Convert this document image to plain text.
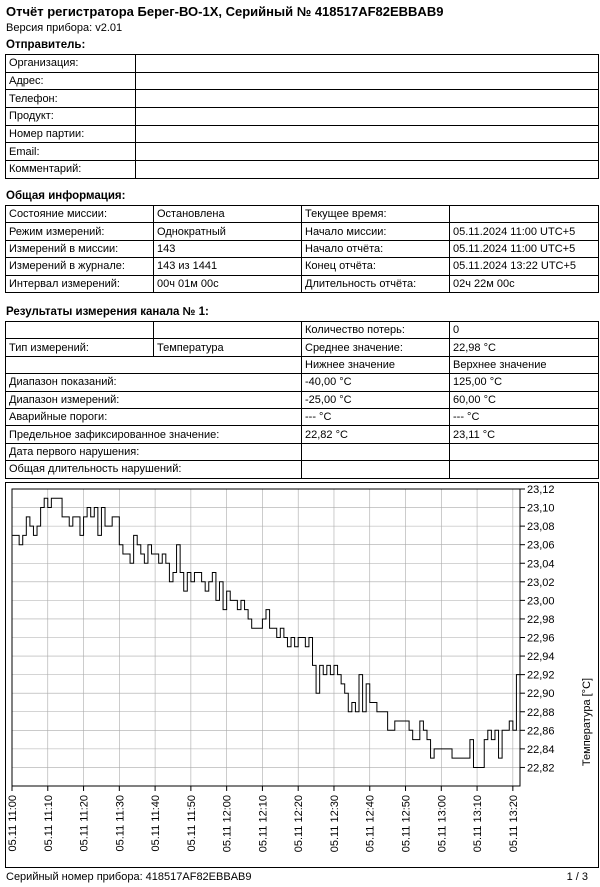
Отчёт регистратора Берег-ВО-1Х, Серийный № 418517AF82EBBAB9
Версия прибора: v2.01
Отправитель:
Организация:	
Адрес:	
Телефон:	
Продукт:	
Номер партии:	
Email:	
Комментарий:	
Общая информация:
Состояние миссии:	Остановлена	Текущее время:	
Режим измерений:	Однократный	Начало миссии:	05.11.2024 11:00 UTC+5
Измерений в миссии:	143	Начало отчёта:	05.11.2024 11:00 UTC+5
Измерений в журнале:	143 из 1441	Конец отчёта:	05.11.2024 13:22 UTC+5
Интервал измерений:	00ч 01м 00с	Длительность отчёта:	02ч 22м 00с
Результаты измерения канала № 1:
		Количество потерь:	0
Тип измерений:	Температура	Среднее значение:	22,98 °C
		Нижнее значение	Верхнее значение
Диапазон показаний:		-40,00 °C	125,00 °C
Диапазон измерений:		-25,00 °C	60,00 °C
Аварийные пороги:		--- °C	--- °C
Предельное зафиксированное значение:		22,82 °C	23,11 °C
Дата первого нарушения:			
Общая длительность нарушений:			
23,12
23,10
23,08
23,06
23,04
23,02
23,00
22,98
22,96
22,94
22,92
22,90
22,88
22,86
22,84
22,82
05.11 11:00 05.11 11:10 05.11 11:20 05.11 11:30 05.11 11:40 05.11 11:50 05.11 12:00 05.11 12:10 05.11 12:20 05.11 12:30 05.11 12:40 05.11 12:50 05.11 13:00 05.11 13:10 05.11 13:20
Температура [°C]
Серийный номер прибора: 418517AF82EBBAB9	1 / 3
